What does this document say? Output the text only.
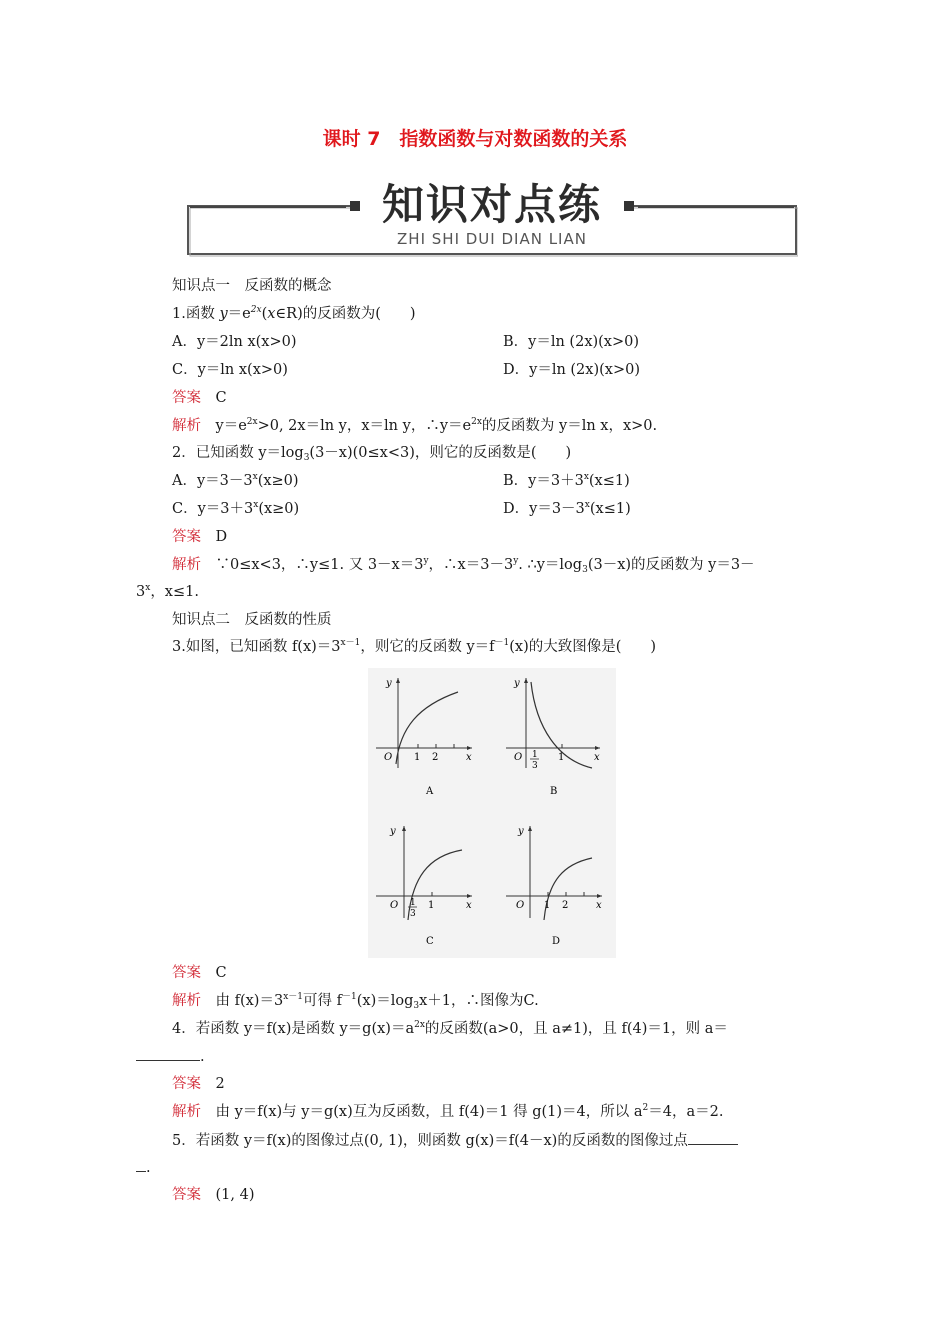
课时 7　指数函数与对数函数的关系
知识对点练
ZHI SHI DUI DIAN LIAN
知识点一　反函数的概念
1.函数 $y=e^{2x}(x\in R)$的反函数为(　　)
A．y＝2ln x(x>0)	B．y＝ln (2x)(x>0)
C．y＝ln x(x>0)	D．y＝ln (2x)(x>0)
答案　 C
解析　 $y=e^{2x}>0$, 2x＝ln y，x＝ln y，$\therefore y=e^{2x}$的反函数为 y＝ln x，x>0.
2．已知函数 $y=\log_3(3-x)(0\le x<3)$，则它的反函数是(　　)
A．$y=3-3^x(x\ge 0)$	B．$y=3+3^x(x\le 1)$
C．$y=3+3^x(x\ge 0)$	D．$y=3-3^x(x\le 1)$
答案　 D
解析　 ∵0≤x<3，∴y≤1. 又 $3-x=3^y$，$\therefore x=3-3^y$. $\therefore y=\log_3(3-x)$的反函数为 y＝3－
$3^x$，x≤1.
知识点二　反函数的性质
3.如图，已知函数 $f(x)=3^{x-1}$，则它的反函数 $y=f^{-1}(x)$的大致图像是(　　)
y
x
O 1 2
A
y
x
O 1
3
1
B
y
x
O 1
3
1
C
y
x
O 1 2
D
答案　 C
解析　 由 $f(x)=3^{x-1}$可得 $f^{-1}(x)=\log_3x+1$，∴图像为C.
4．若函数 y＝f(x)是函数 $y=g(x)=a^{2x}$的反函数(a>0，且 a≠1)，且 f(4)＝1，则 a＝
.
答案　 2
解析　 由 y＝f(x)与 y＝g(x)互为反函数，且 f(4)＝1 得 g(1)＝4，所以 $a^2=4$，a＝2.
5．若函数 y＝f(x)的图像过点(0, 1)，则函数 g(x)＝f(4－x)的反函数的图像过点
.
答案　 (1, 4)
